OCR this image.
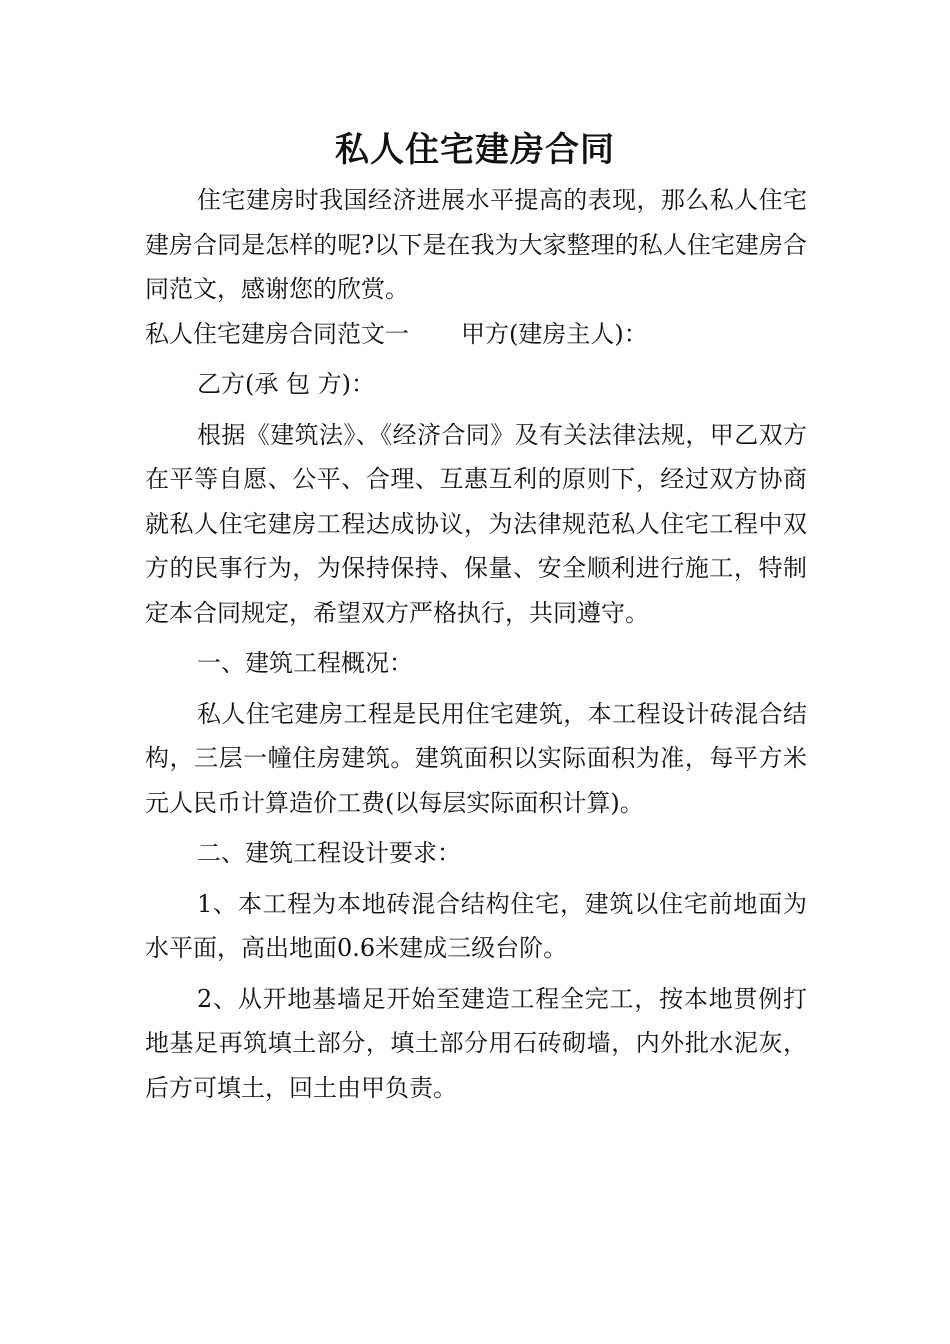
私人住宅建房合同

住宅建房时我国经济进展水平提高的表现，那么私人住宅建房合同是怎样的呢?以下是在我为大家整理的私人住宅建房合同范文，感谢您的欣赏。

私人住宅建房合同范文一 甲方(建房主人)：

乙方(承 包 方)：

根据《建筑法》、《经济合同》及有关法律法规，甲乙双方在平等自愿、公平、合理、互惠互利的原则下，经过双方协商就私人住宅建房工程达成协议，为法律规范私人住宅工程中双方的民事行为，为保持保持、保量、安全顺利进行施工，特制定本合同规定，希望双方严格执行，共同遵守。

一、建筑工程概况：

私人住宅建房工程是民用住宅建筑，本工程设计砖混合结构，三层一幢住房建筑。建筑面积以实际面积为准，每平方米 元人民币计算造价工费(以每层实际面积计算)。

二、建筑工程设计要求：

1、本工程为本地砖混合结构住宅，建筑以住宅前地面为水平面，高出地面0.6米建成三级台阶。

2、从开地基墙足开始至建造工程全完工，按本地贯例打地基足再筑填土部分，填土部分用石砖砌墙，内外批水泥灰，后方可填土，回土由甲负责。
